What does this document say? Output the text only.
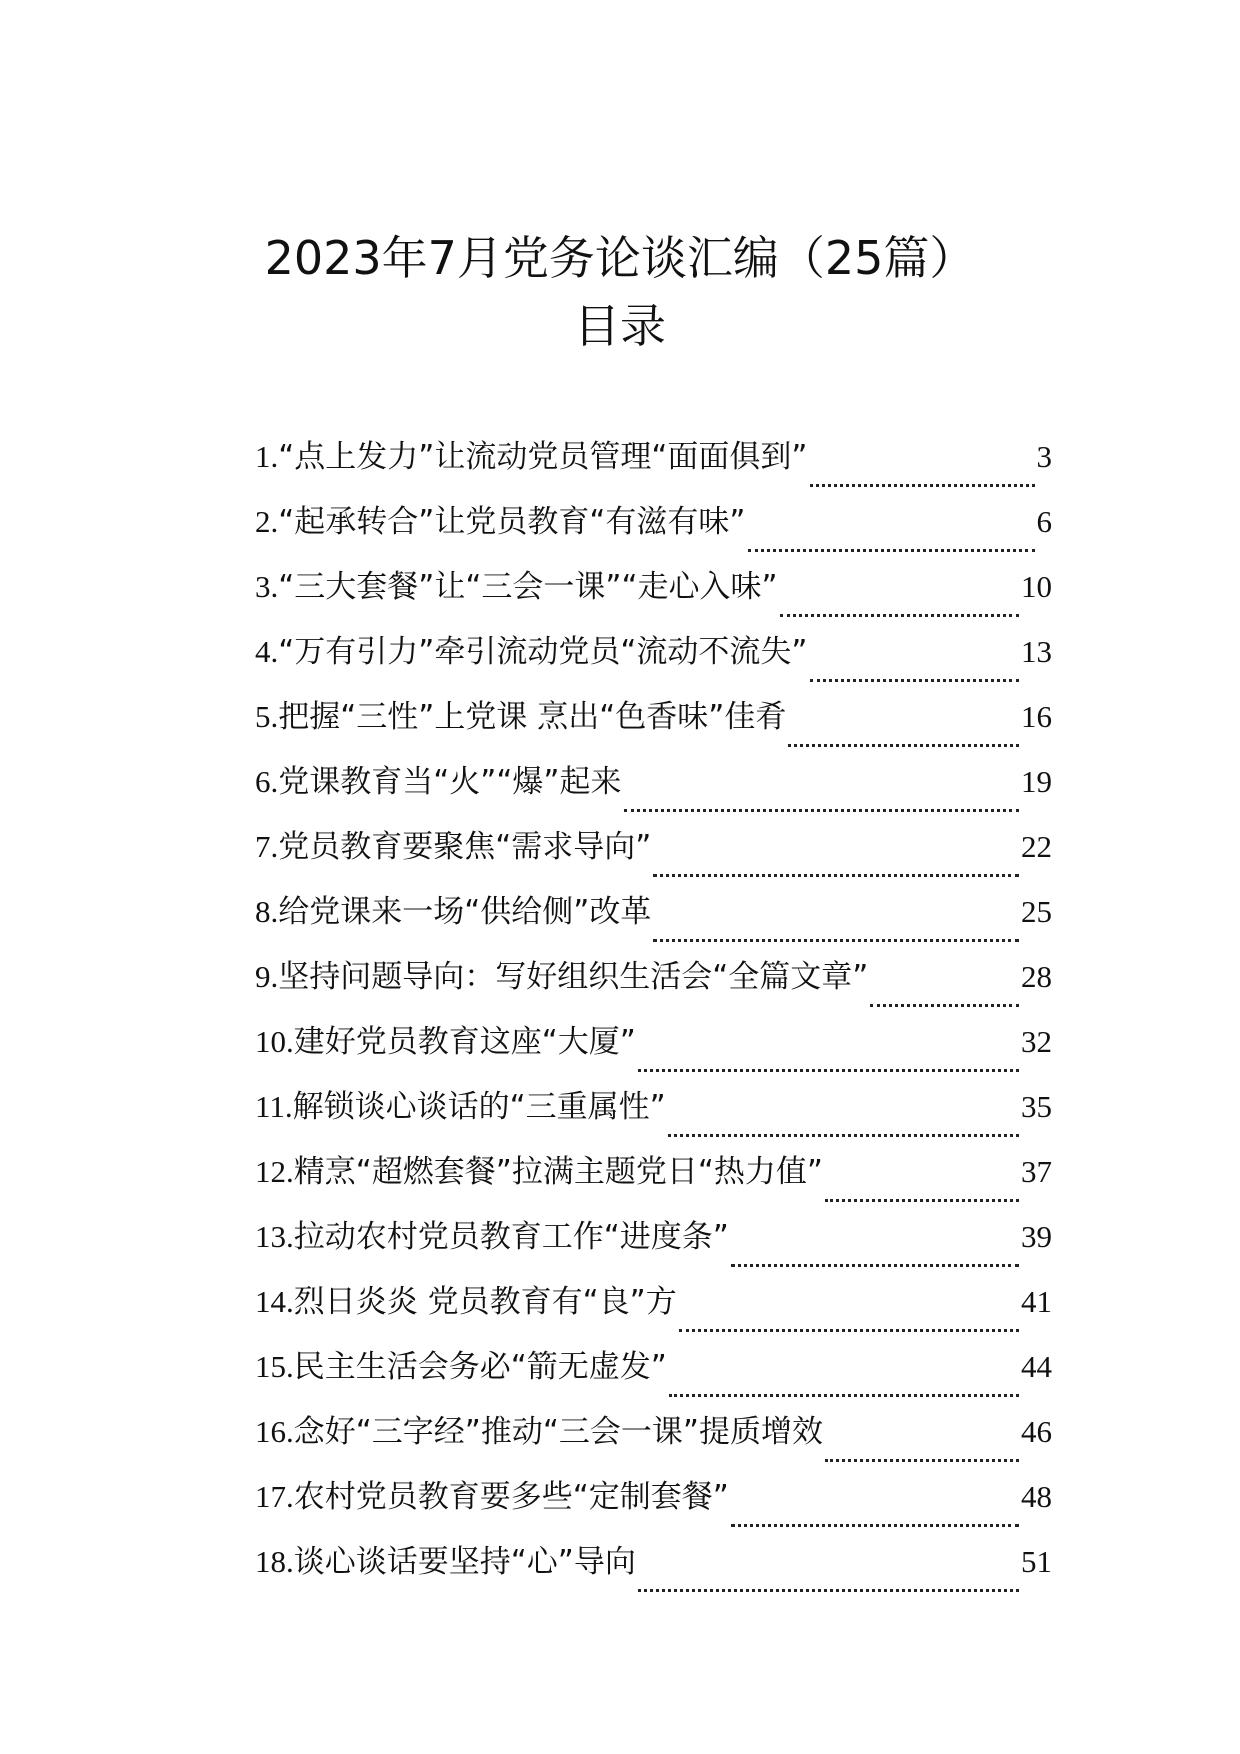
2023年7月党务论谈汇编（25篇）
目录
1. “点上发力”让流动党员管理“面面俱到”	3
2. “起承转合”让党员教育“有滋有味”	6
3. “三大套餐”让“三会一课”“走心入味”	10
4. “万有引力”牵引流动党员“流动不流失”	13
5. 把握“三性”上党课 烹出“色香味”佳肴	16
6. 党课教育当“火”“爆”起来	19
7. 党员教育要聚焦“需求导向”	22
8. 给党课来一场“供给侧”改革	25
9. 坚持问题导向：写好组织生活会“全篇文章”	28
10. 建好党员教育这座“大厦”	32
11. 解锁谈心谈话的“三重属性”	35
12. 精烹“超燃套餐”拉满主题党日“热力值”	37
13. 拉动农村党员教育工作“进度条”	39
14. 烈日炎炎 党员教育有“良”方	41
15. 民主生活会务必“箭无虚发”	44
16. 念好“三字经”推动“三会一课”提质增效	46
17. 农村党员教育要多些“定制套餐”	48
18. 谈心谈话要坚持“心”导向	51
